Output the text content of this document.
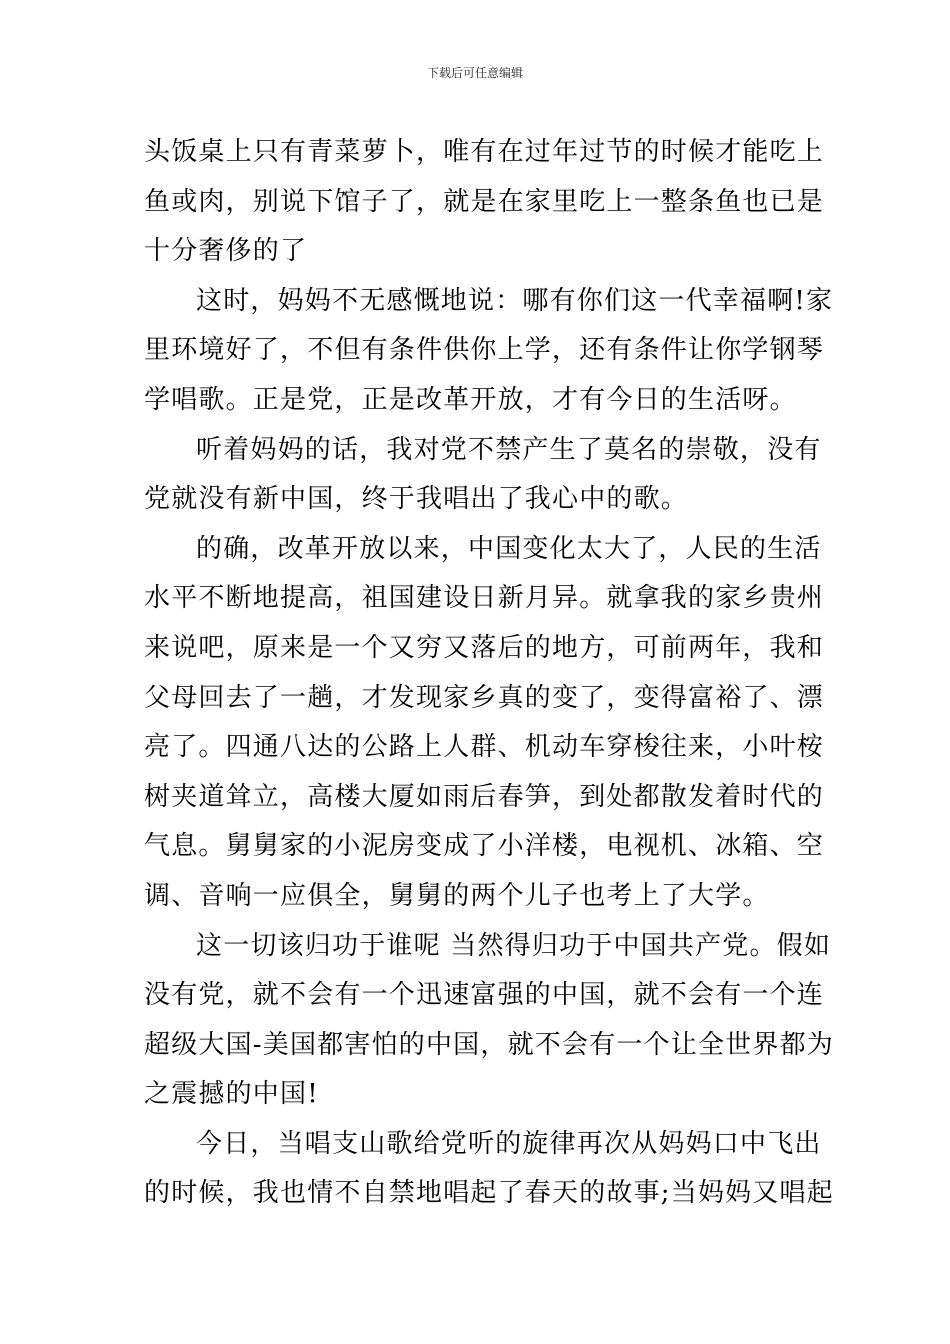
下载后可任意编辑
头饭桌上只有青菜萝卜，唯有在过年过节的时候才能吃上
鱼或肉，别说下馆子了，就是在家里吃上一整条鱼也已是
十分奢侈的了
这时，妈妈不无感慨地说：哪有你们这一代幸福啊!家
里环境好了，不但有条件供你上学，还有条件让你学钢琴
学唱歌。正是党，正是改革开放，才有今日的生活呀。
听着妈妈的话，我对党不禁产生了莫名的崇敬，没有
党就没有新中国，终于我唱出了我心中的歌。
的确，改革开放以来，中国变化太大了，人民的生活
水平不断地提高，祖国建设日新月异。就拿我的家乡贵州
来说吧，原来是一个又穷又落后的地方，可前两年，我和
父母回去了一趟，才发现家乡真的变了，变得富裕了、漂
亮了。四通八达的公路上人群、机动车穿梭往来，小叶桉
树夹道耸立，高楼大厦如雨后春笋，到处都散发着时代的
气息。舅舅家的小泥房变成了小洋楼，电视机、冰箱、空
调、音响一应俱全，舅舅的两个儿子也考上了大学。
这一切该归功于谁呢 当然得归功于中国共产党。假如
没有党，就不会有一个迅速富强的中国，就不会有一个连
超级大国-美国都害怕的中国，就不会有一个让全世界都为
之震撼的中国!
今日，当唱支山歌给党听的旋律再次从妈妈口中飞出
的时候，我也情不自禁地唱起了春天的故事;当妈妈又唱起
